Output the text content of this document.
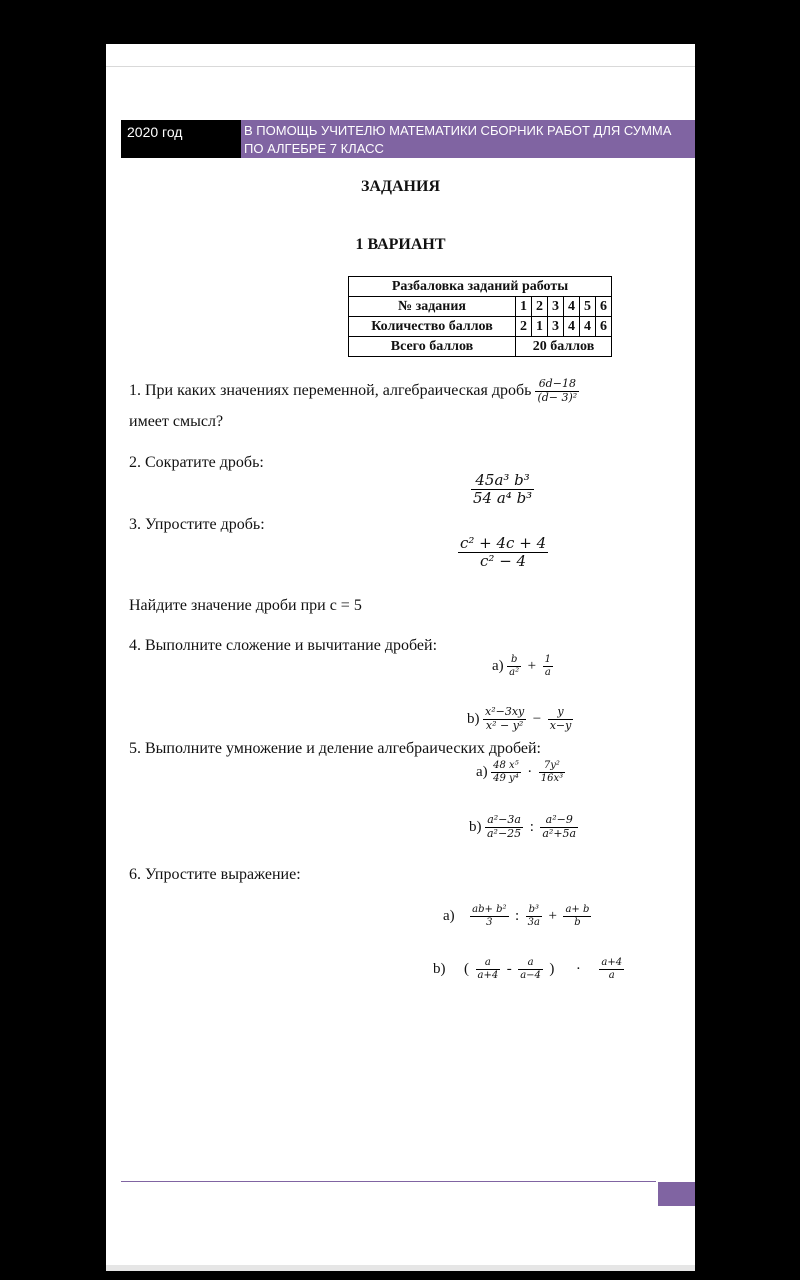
2020 год	В ПОМОЩЬ УЧИТЕЛЮ МАТЕМАТИКИ СБОРНИК РАБОТ ДЛЯ СУММА
ПО АЛГЕБРЕ 7 КЛАСС
ЗАДАНИЯ
1 ВАРИАНТ
Разбаловка заданий работы						
№ задания	1	2	3	4	5	6
Количество баллов	2	1	3	4	4	6
Всего баллов	20 баллов					
1. При каких значениях переменной, алгебраическая дробь $\frac{6d-18}{\text{(d− 3)²}}$
имеет смысл?
2. Сократите дробь:
$\frac{\text{45a³ b³}}{\text{54 a⁴ b³}}$
3. Упростите дробь:
$\frac{\text{c² + 4c + 4}}{\text{c² − 4}}$
Найдите значение дроби при c = 5
4. Выполните сложение и вычитание дробей:
$a) \frac{b}{\text{a²}} + \frac{1}{a}$
$b) \frac{\text{x²−3xy}}{\text{x² − y²}} - \frac{y}{x-y}$
5. Выполните умножение и деление алгебраических дробей:
$a) \frac{\text{48 x⁵}}{\text{49 y⁴}} \cdot \frac{\text{7y²}}{\text{16x³}}$
$b) \frac{\text{a²−3a}}{\text{a²−25}}$ : $\frac{\text{a²−9}}{\text{a²+5a}}$
6. Упростите выражение:
$a) \frac{\text{ab+ b²}}{3}$ : $\frac{\text{b³}}{3a} + \frac{a+ b}{b}$
b) ( $\frac{a}{a+4} - \frac{a}{a-4}$ ) · $\frac{a+4}{a}$
